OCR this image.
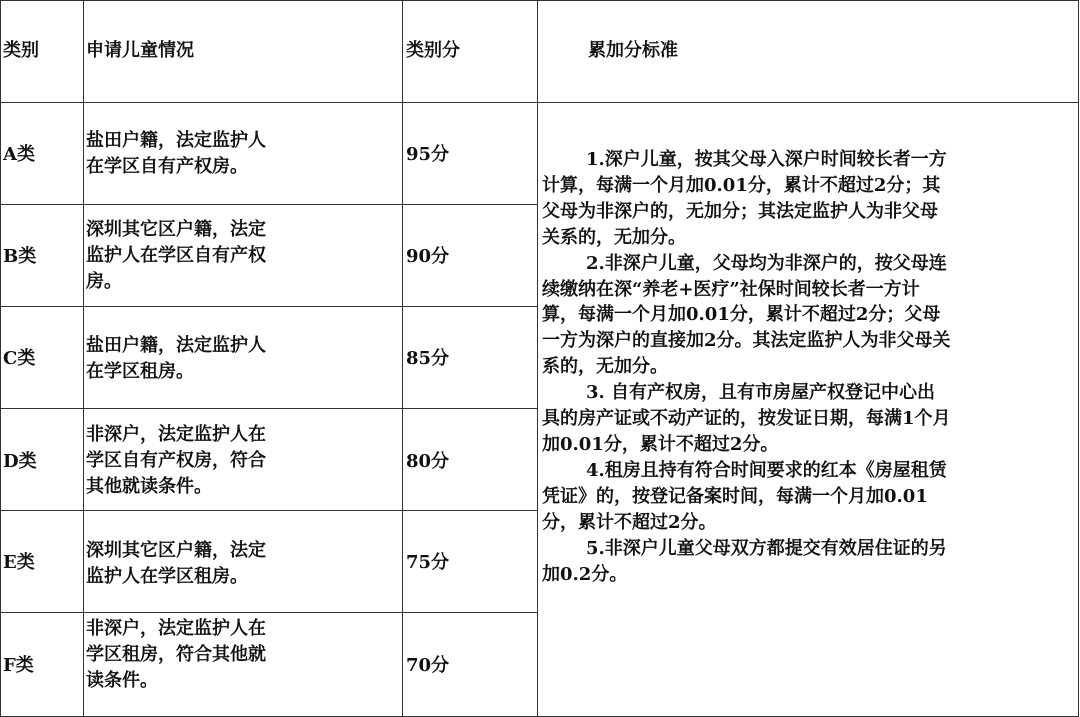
类别	申请儿童情况	类别分	累加分标准
A类
盐田户籍，法定监护人
在学区自有产权房。
95分
B类
深圳其它区户籍，法定
监护人在学区自有产权
房。
90分
C类
盐田户籍，法定监护人
在学区租房。
85分
D类
非深户，法定监护人在
学区自有产权房，符合
其他就读条件。
80分
E类
深圳其它区户籍，法定
监护人在学区租房。
75分
F类
非深户，法定监护人在
学区租房，符合其他就
读条件。
70分

1.深户儿童，按其父母入深户时间较长者一方计算，每满一个月加0.01分，累计不超过2分；其父母为非深户的，无加分；其法定监护人为非父母关系的，无加分。

2.非深户儿童，父母均为非深户的，按父母连续缴纳在深“养老+医疗”社保时间较长者一方计算，每满一个月加0.01分，累计不超过2分；父母一方为深户的直接加2分。其法定监护人为非父母关系的，无加分。

3. 自有产权房，且有市房屋产权登记中心出具的房产证或不动产证的，按发证日期，每满1个月加0.01分，累计不超过2分。

4.租房且持有符合时间要求的红本《房屋租赁凭证》的，按登记备案时间，每满一个月加0.01分，累计不超过2分。

5.非深户儿童父母双方都提交有效居住证的另加0.2分。
